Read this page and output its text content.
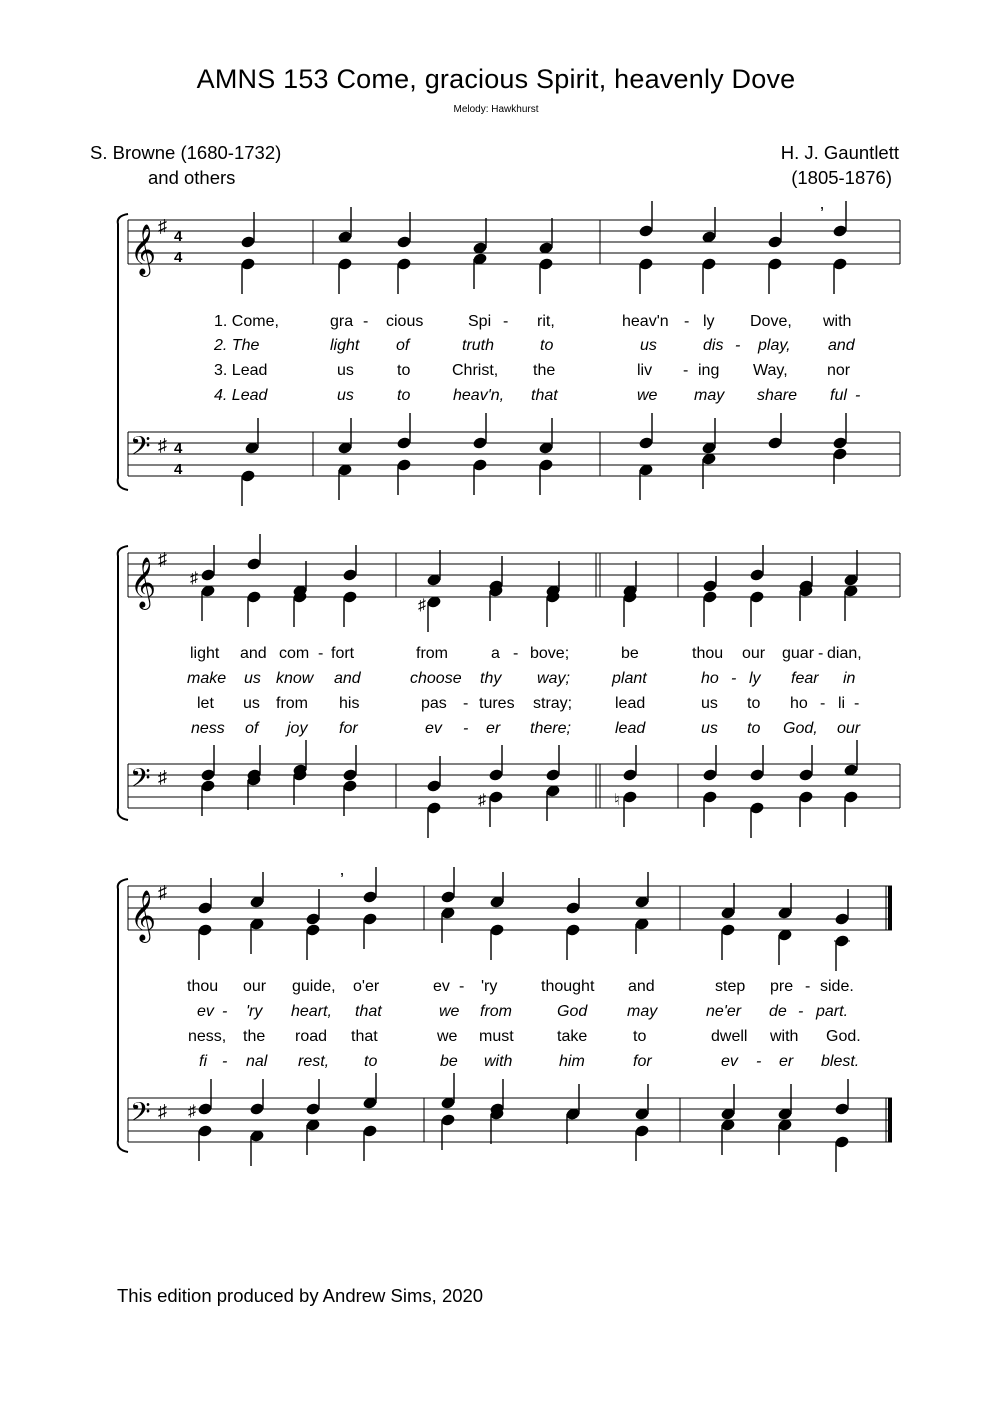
AMNS 153 Come, gracious Spirit, heavenly Dove
Melody: Hawkhurst
S. Browne (1680-1732)
and others
H. J. Gauntlett
(1805-1876)
𝄞 ♯
4
4
’
1. Come,	gra - cious	Spi - rit,	heav'n - ly Dove, with
2. The	light of	truth	to	us	dis - play, and
3. Lead	us	to	Christ, the	liv - ing Way, nor
4. Lead	us	to	heav'n, that	we may share ful -
𝄢 ♯ 4
4
𝄞 ♯
♯
♯
light and com - fort	from	a - bove;	be	thou our guar - dian,
make us know and	choose thy way;	plant	ho - ly fear in
let us from his	pas - tures stray;	lead	us to ho - li -
ness of joy for	ev - er there;	lead	us to God, our
𝄢 ♯
♯	♮
𝄞 ♯
’
thou our guide, o'er	ev - 'ry	thought and	step pre - side.
ev - 'ry heart, that	we from	God may	ne'er de - part.
ness, the road that	we must	take	to	dwell with God.
fi - nal rest, to	be with	him	for	ev - er blest.
𝄢 ♯ ♯
This edition produced by Andrew Sims, 2020
